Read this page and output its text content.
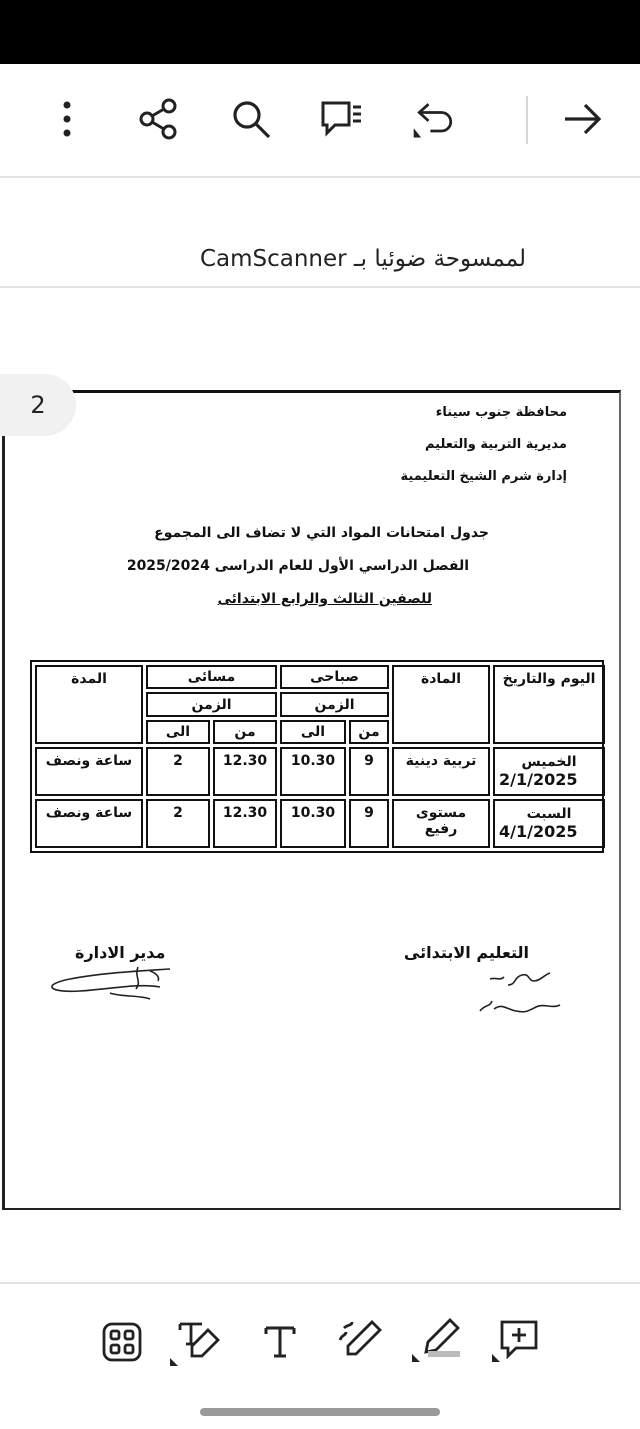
لممسوحة ضوئيا بـ CamScanner
محافظة جنوب سيناء
مديرية التربية والتعليم
إدارة شرم الشيخ التعليمية
جدول امتحانات المواد التي لا تضاف الى المجموع
الفصل الدراسي الأول للعام الدراسى 2025/2024
للصفين الثالث والرابع الابتدائى
اليوم والتاريخ	المادة	صباحى		مسائى		المدة
		الزمن		الزمن		
		من	الى	من	الى	

الخميس
2/1/2025	تربية دينية	9	10.30	12.30	2	ساعة ونصف

السبت
4/1/2025	مستوى رفيع	9	10.30	12.30	2	ساعة ونصف
التعليم الابتدائى
مدير الادارة
2
